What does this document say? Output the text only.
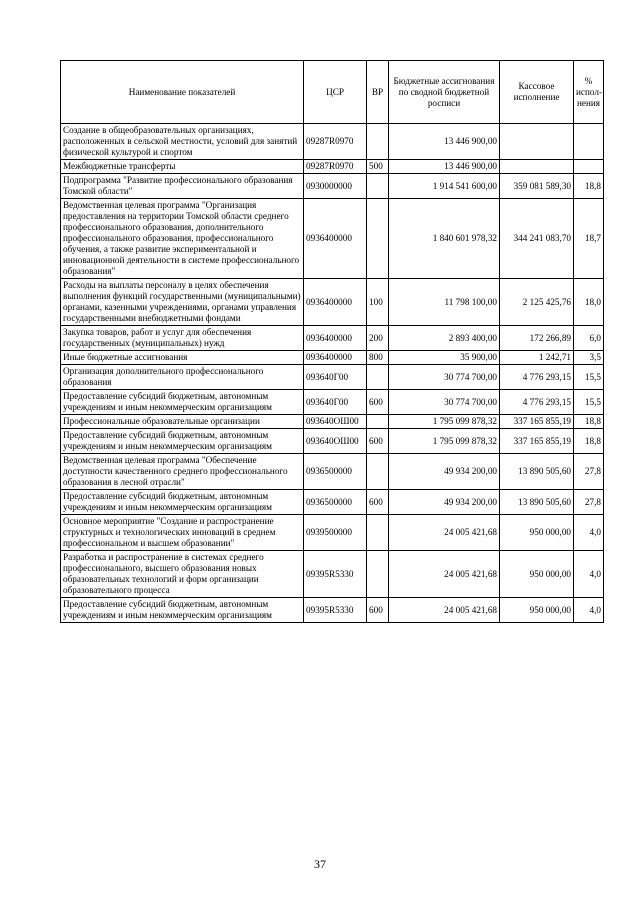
Наименование показателей	ЦСР	ВР	Бюджетные ассигнования по сводной бюджетной росписи	Кассовое исполнение	% испол-нения
Создание в общеобразовательных организациях, расположенных в сельской местности, условий для занятий физической культурой и спортом	09287R0970		13 446 900,00		
Межбюджетные трансферты	09287R0970	500	13 446 900,00		
Подпрограмма "Развитие профессионального образования Томской области"	0930000000		1 914 541 600,00	359 081 589,30	18,8
Ведомственная целевая программа "Организация предоставления на территории Томской области среднего профессионального образования, дополнительного профессионального образования, профессионального обучения, а также развитие экспериментальной и инновационной деятельности в системе профессионального образования"	0936400000		1 840 601 978,32	344 241 083,70	18,7
Расходы на выплаты персоналу в целях обеспечения выполнения функций государственными (муниципальными) органами, казенными учреждениями, органами управления государственными внебюджетными фондами	0936400000	100	11 798 100,00	2 125 425,76	18,0
Закупка товаров, работ и услуг для обеспечения государственных (муниципальных) нужд	0936400000	200	2 893 400,00	172 266,89	6,0
Иные бюджетные ассигнования	0936400000	800	35 900,00	1 242,71	3,5
Организация дополнительного профессионального образования	093640Г00		30 774 700,00	4 776 293,15	15,5
Предоставление субсидий бюджетным, автономным учреждениям и иным некоммерческим организациям	093640Г00	600	30 774 700,00	4 776 293,15	15,5
Профессиональные образовательные организации	093640ОШ00		1 795 099 878,32	337 165 855,19	18,8
Предоставление субсидий бюджетным, автономным учреждениям и иным некоммерческим организациям	093640ОШ00	600	1 795 099 878,32	337 165 855,19	18,8
Ведомственная целевая программа "Обеспечение доступности качественного среднего профессионального образования в лесной отрасли"	0936500000		49 934 200,00	13 890 505,60	27,8
Предоставление субсидий бюджетным, автономным учреждениям и иным некоммерческим организациям	0936500000	600	49 934 200,00	13 890 505,60	27,8
Основное мероприятие "Создание и распространение структурных и технологических инноваций в среднем профессиональном и высшем образовании"	0939500000		24 005 421,68	950 000,00	4,0
Разработка и распространение в системах среднего профессионального, высшего образования новых образовательных технологий и форм организации образовательного процесса	09395R5330		24 005 421,68	950 000,00	4,0
Предоставление субсидий бюджетным, автономным учреждениям и иным некоммерческим организациям	09395R5330	600	24 005 421,68	950 000,00	4,0
37
